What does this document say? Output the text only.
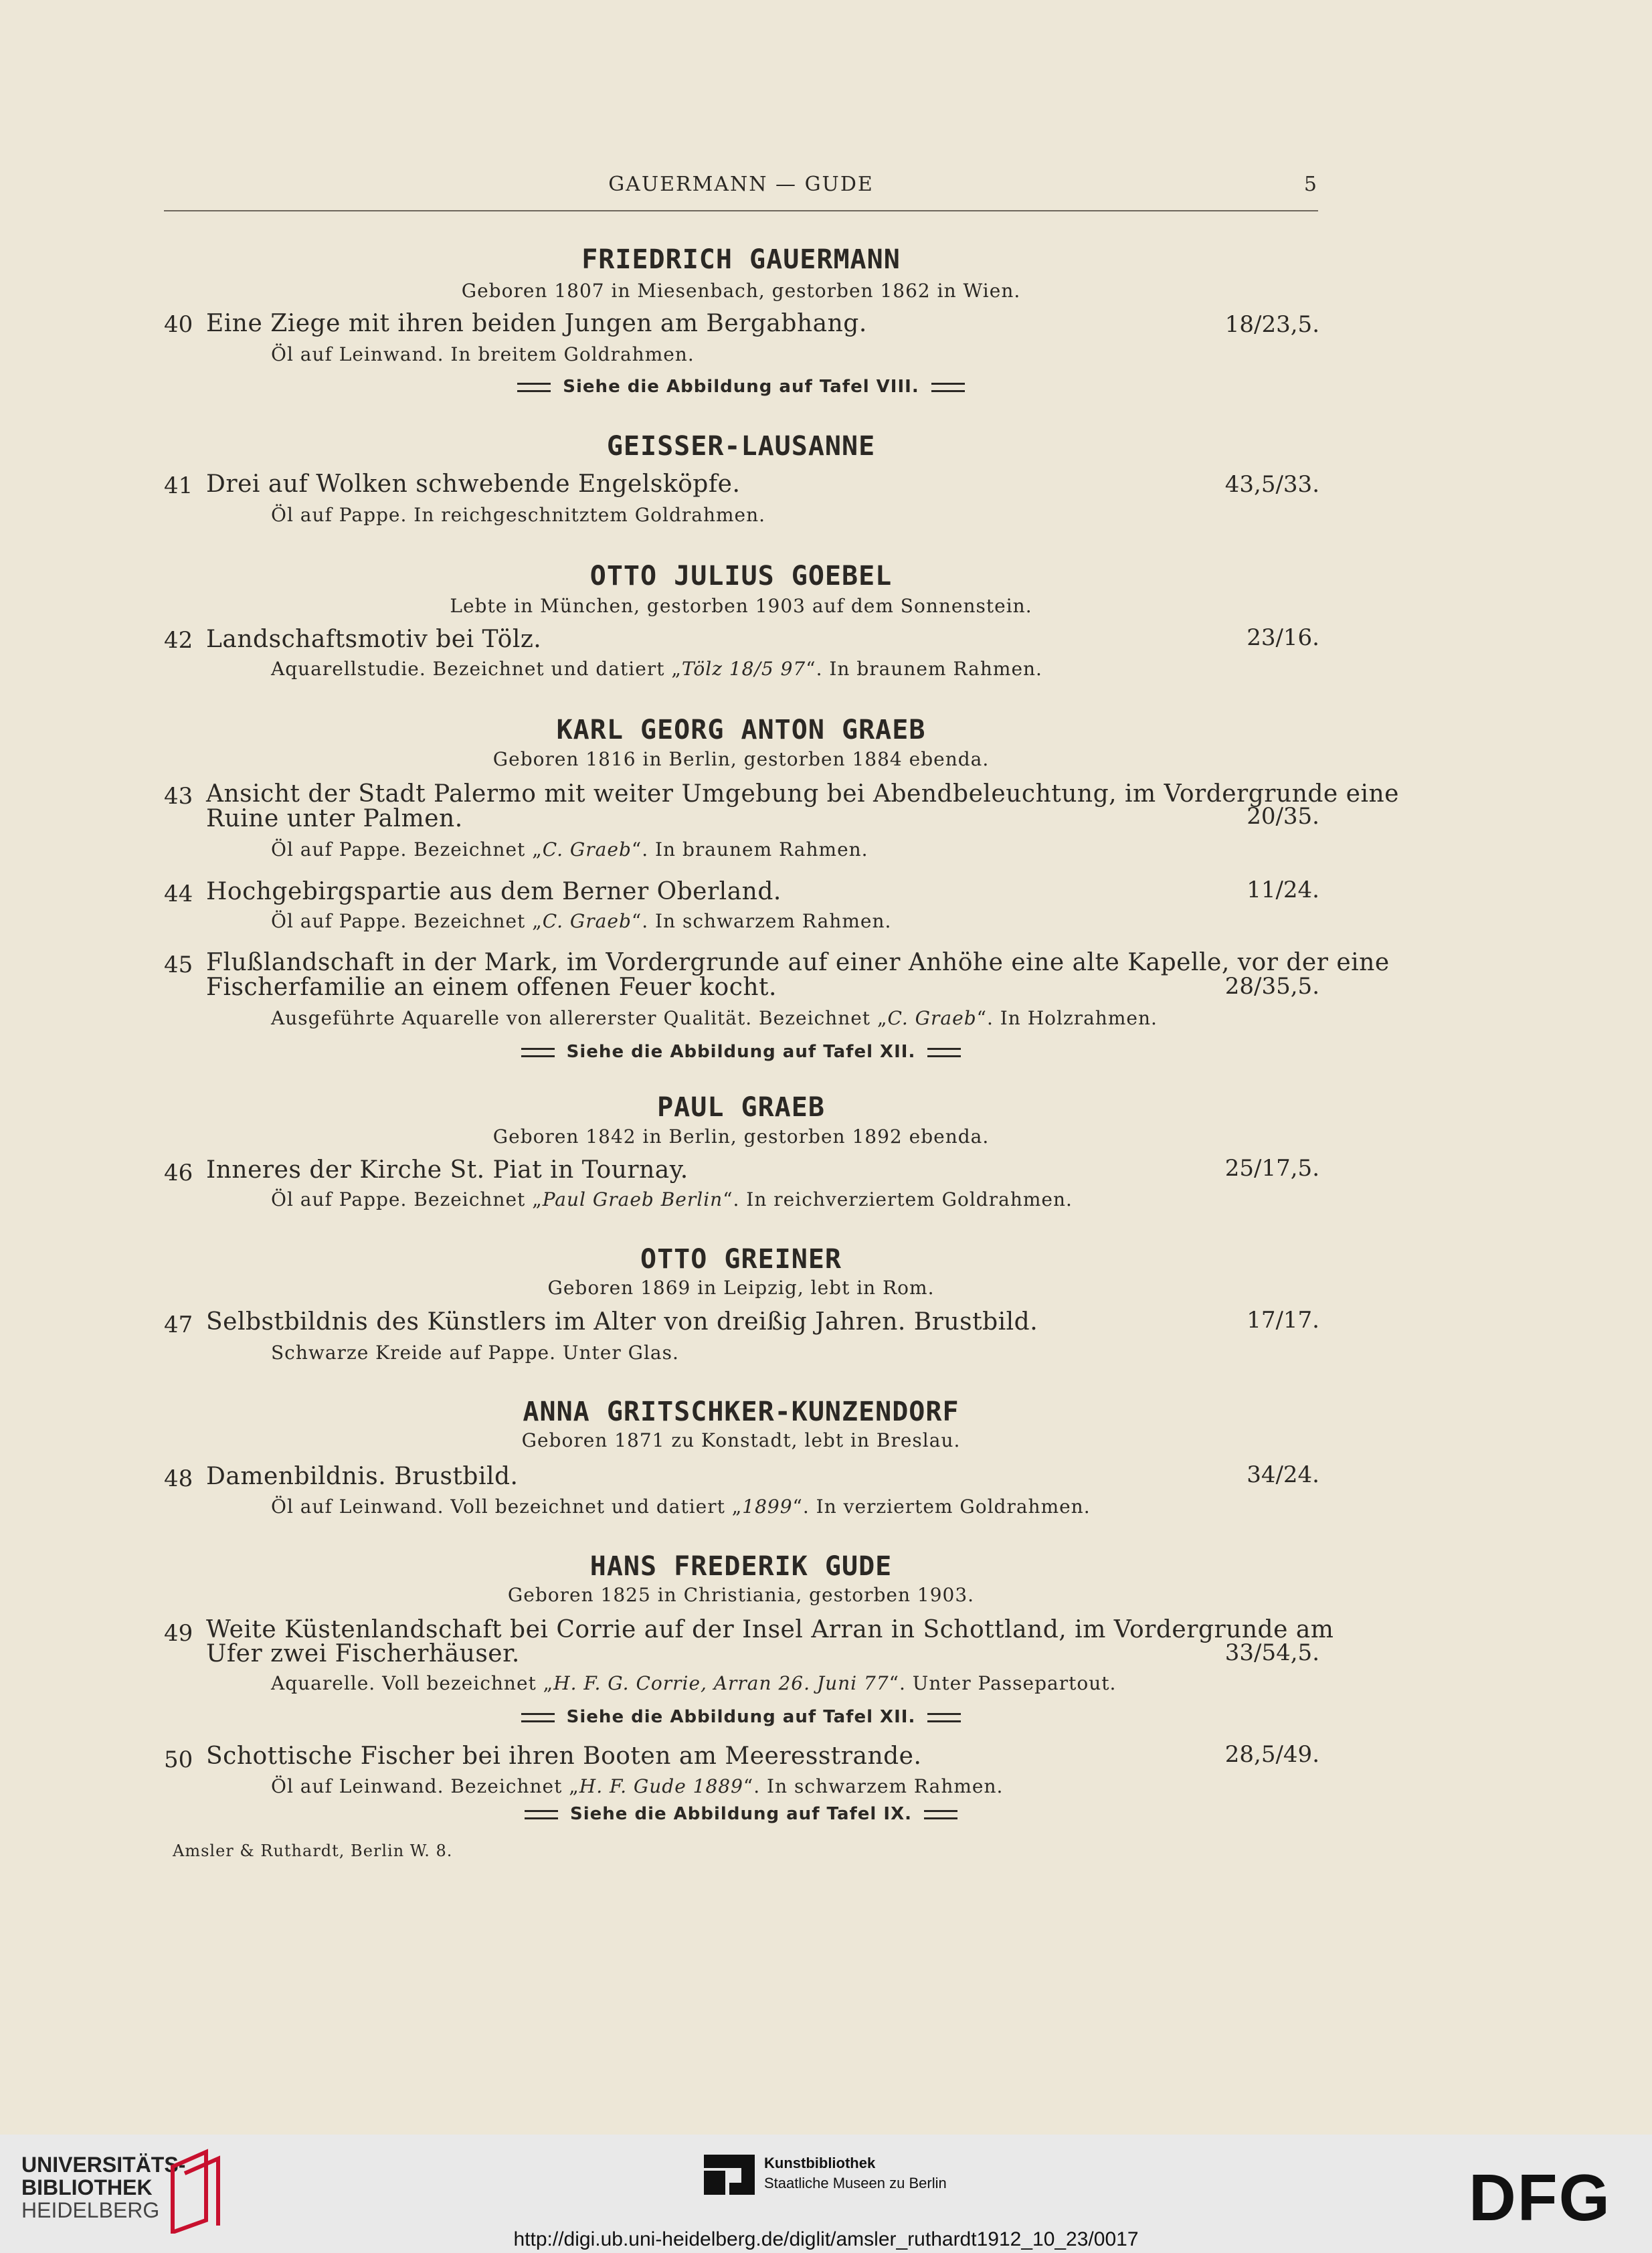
GAUERMANN — GUDE	5
FRIEDRICH GAUERMANN
Geboren 1807 in Miesenbach, gestorben 1862 in Wien.
40 Eine Ziege mit ihren beiden Jungen am Bergabhang.	18/23,5.
Öl auf Leinwand. In breitem Goldrahmen.
Siehe die Abbildung auf Tafel VIII.
GEISSER-LAUSANNE
41 Drei auf Wolken schwebende Engelsköpfe.	43,5/33.
Öl auf Pappe. In reichgeschnitztem Goldrahmen.
OTTO JULIUS GOEBEL
Lebte in München, gestorben 1903 auf dem Sonnenstein.
42 Landschaftsmotiv bei Tölz.	23/16.
Aquarellstudie. Bezeichnet und datiert „Tölz 18/5 97“. In braunem Rahmen.
KARL GEORG ANTON GRAEB
Geboren 1816 in Berlin, gestorben 1884 ebenda.
43 Ansicht der Stadt Palermo mit weiter Umgebung bei Abendbeleuchtung, im Vordergrunde eine
Ruine unter Palmen.	20/35.
Öl auf Pappe. Bezeichnet „C. Graeb“. In braunem Rahmen.
44 Hochgebirgspartie aus dem Berner Oberland.	11/24.
Öl auf Pappe. Bezeichnet „C. Graeb“. In schwarzem Rahmen.
45 Flußlandschaft in der Mark, im Vordergrunde auf einer Anhöhe eine alte Kapelle, vor der eine
Fischerfamilie an einem offenen Feuer kocht.	28/35,5.
Ausgeführte Aquarelle von allererster Qualität. Bezeichnet „C. Graeb“. In Holzrahmen.
Siehe die Abbildung auf Tafel XII.
PAUL GRAEB
Geboren 1842 in Berlin, gestorben 1892 ebenda.
46 Inneres der Kirche St. Piat in Tournay.	25/17,5.
Öl auf Pappe. Bezeichnet „Paul Graeb Berlin“. In reichverziertem Goldrahmen.
OTTO GREINER
Geboren 1869 in Leipzig, lebt in Rom.
47 Selbstbildnis des Künstlers im Alter von dreißig Jahren. Brustbild.	17/17.
Schwarze Kreide auf Pappe. Unter Glas.
ANNA GRITSCHKER-KUNZENDORF
Geboren 1871 zu Konstadt, lebt in Breslau.
48 Damenbildnis. Brustbild.	34/24.
Öl auf Leinwand. Voll bezeichnet und datiert „1899“. In verziertem Goldrahmen.
HANS FREDERIK GUDE
Geboren 1825 in Christiania, gestorben 1903.
49 Weite Küstenlandschaft bei Corrie auf der Insel Arran in Schottland, im Vordergrunde am
Ufer zwei Fischerhäuser.	33/54,5.
Aquarelle. Voll bezeichnet „H. F. G. Corrie, Arran 26. Juni 77“. Unter Passepartout.
Siehe die Abbildung auf Tafel XII.
50 Schottische Fischer bei ihren Booten am Meeresstrande.	28,5/49.
Öl auf Leinwand. Bezeichnet „H. F. Gude 1889“. In schwarzem Rahmen.
Siehe die Abbildung auf Tafel IX.
Amsler & Ruthardt, Berlin W. 8.
UNIVERSITÄTS-
BIBLIOTHEK
HEIDELBERG
Kunstbibliothek
Staatliche Museen zu Berlin	DFG
http://digi.ub.uni-heidelberg.de/diglit/amsler_ruthardt1912_10_23/0017
